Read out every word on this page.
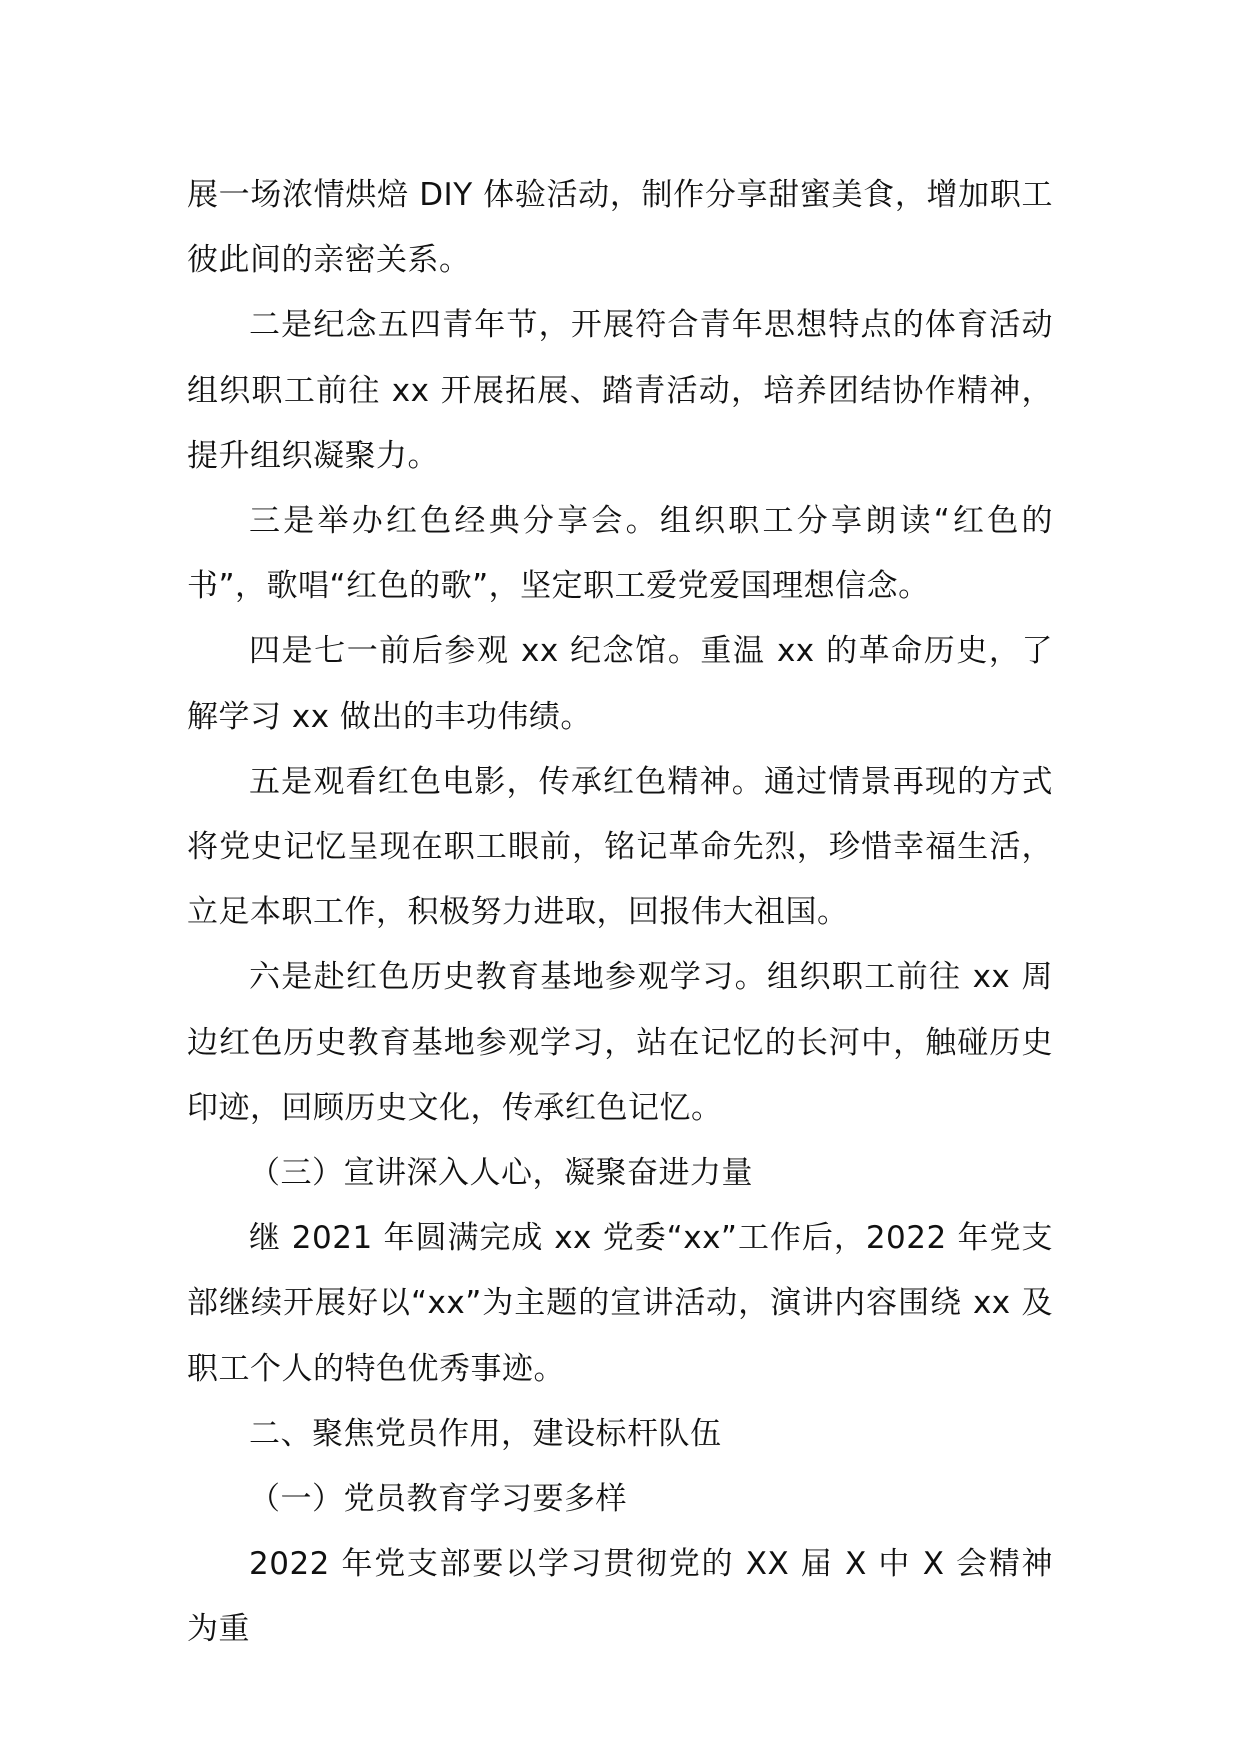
展一场浓情烘焙 DIY 体验活动，制作分享甜蜜美食，增加职工彼此间的亲密关系。

二是纪念五四青年节，开展符合青年思想特点的体育活动组织职工前往 xx 开展拓展、踏青活动，培养团结协作精神，提升组织凝聚力。

三是举办红色经典分享会。组织职工分享朗读“红色的书”，歌唱“红色的歌”，坚定职工爱党爱国理想信念。

四是七一前后参观 xx 纪念馆。重温 xx 的革命历史，了解学习 xx 做出的丰功伟绩。

五是观看红色电影，传承红色精神。通过情景再现的方式将党史记忆呈现在职工眼前，铭记革命先烈，珍惜幸福生活，立足本职工作，积极努力进取，回报伟大祖国。

六是赴红色历史教育基地参观学习。组织职工前往 xx 周边红色历史教育基地参观学习，站在记忆的长河中，触碰历史印迹，回顾历史文化，传承红色记忆。

（三）宣讲深入人心，凝聚奋进力量

继 2021 年圆满完成 xx 党委“xx”工作后，2022 年党支部继续开展好以“xx”为主题的宣讲活动，演讲内容围绕 xx 及职工个人的特色优秀事迹。

二、聚焦党员作用，建设标杆队伍

（一）党员教育学习要多样

2022 年党支部要以学习贯彻党的 XX 届 X 中 X 会精神为重
